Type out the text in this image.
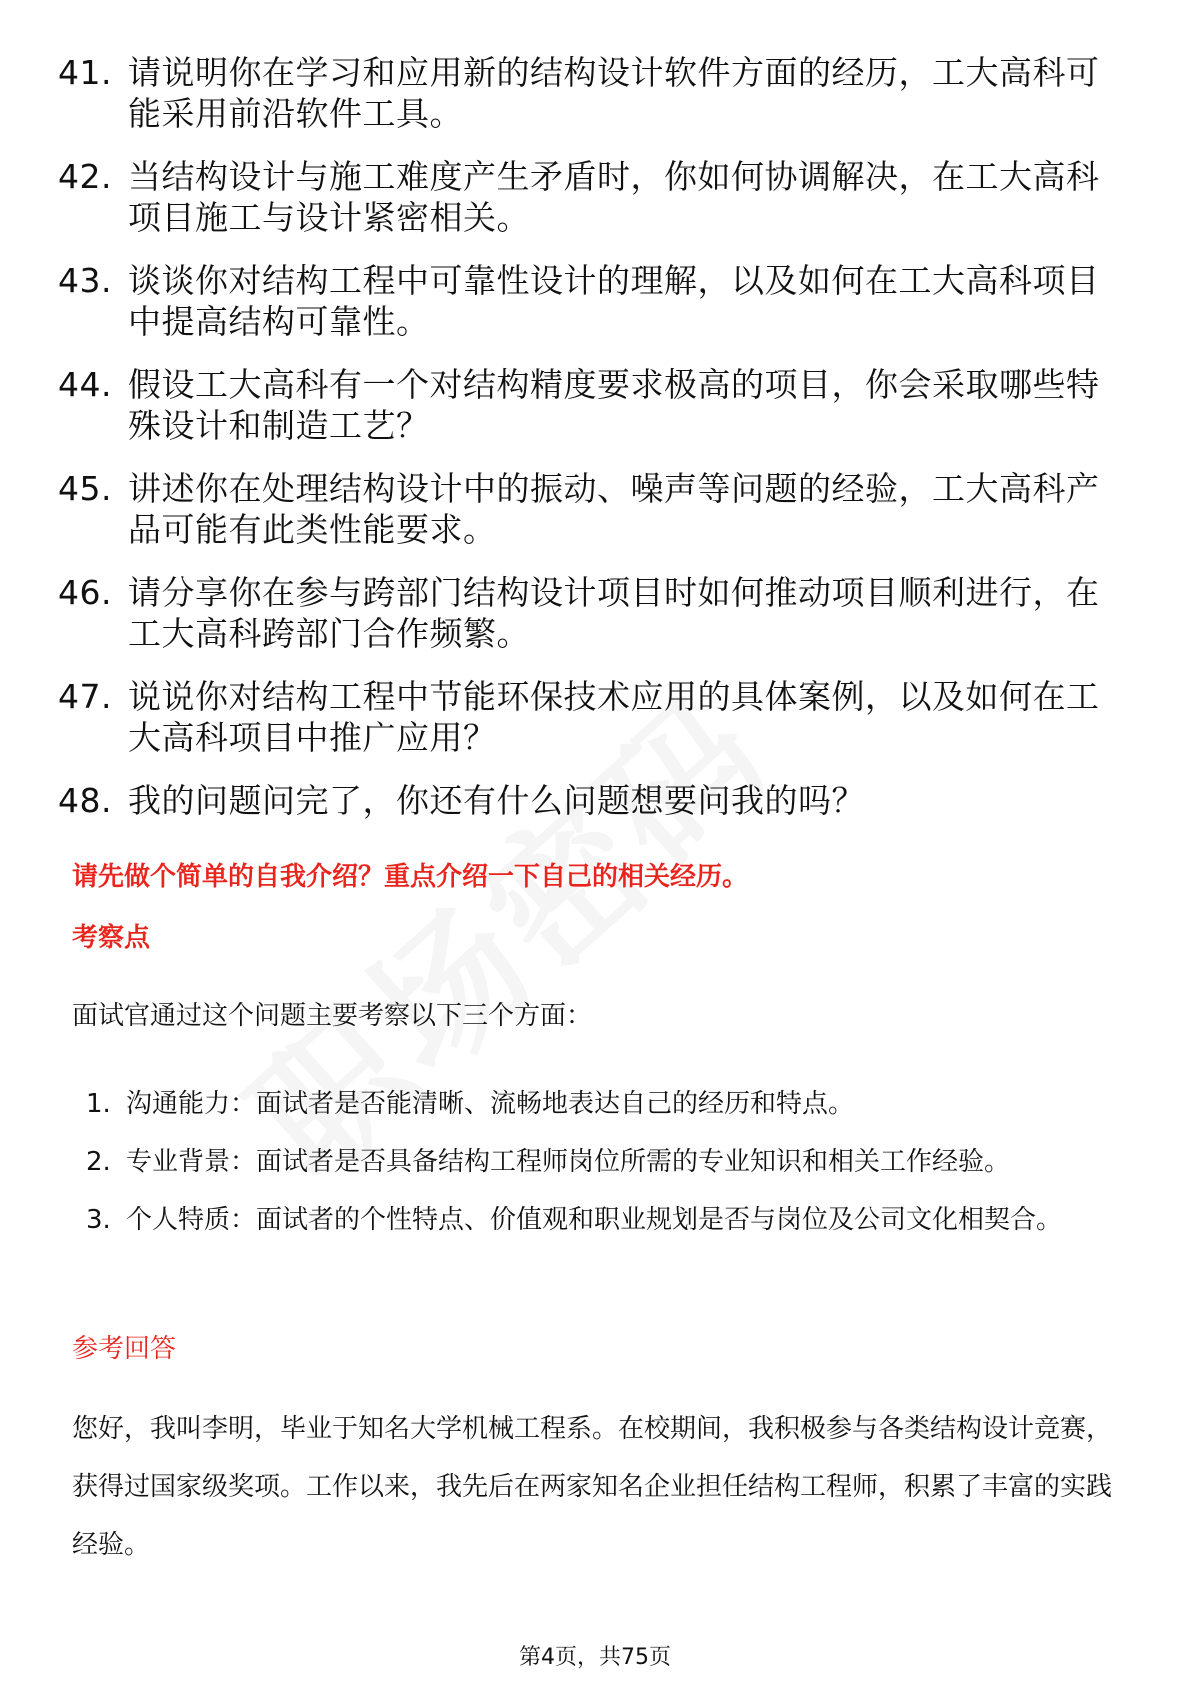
41. 请说明你在学习和应用新的结构设计软件方面的经历，工大高科可能采用前沿软件工具。
42. 当结构设计与施工难度产生矛盾时，你如何协调解决，在工大高科项目施工与设计紧密相关。
43. 谈谈你对结构工程中可靠性设计的理解，以及如何在工大高科项目中提高结构可靠性。
44. 假设工大高科有一个对结构精度要求极高的项目，你会采取哪些特殊设计和制造工艺？
45. 讲述你在处理结构设计中的振动、噪声等问题的经验，工大高科产品可能有此类性能要求。
46. 请分享你在参与跨部门结构设计项目时如何推动项目顺利进行，在工大高科跨部门合作频繁。
47. 说说你对结构工程中节能环保技术应用的具体案例，以及如何在工大高科项目中推广应用？
48. 我的问题问完了，你还有什么问题想要问我的吗？
请先做个简单的自我介绍？重点介绍一下自己的相关经历。
考察点
面试官通过这个问题主要考察以下三个方面：
1. 沟通能力：面试者是否能清晰、流畅地表达自己的经历和特点。
2. 专业背景：面试者是否具备结构工程师岗位所需的专业知识和相关工作经验。
3. 个人特质：面试者的个性特点、价值观和职业规划是否与岗位及公司文化相契合。
参考回答
您好，我叫李明，毕业于知名大学机械工程系。在校期间，我积极参与各类结构设计竞赛，获得过国家级奖项。工作以来，我先后在两家知名企业担任结构工程师，积累了丰富的实践经验。
第4页，共75页
